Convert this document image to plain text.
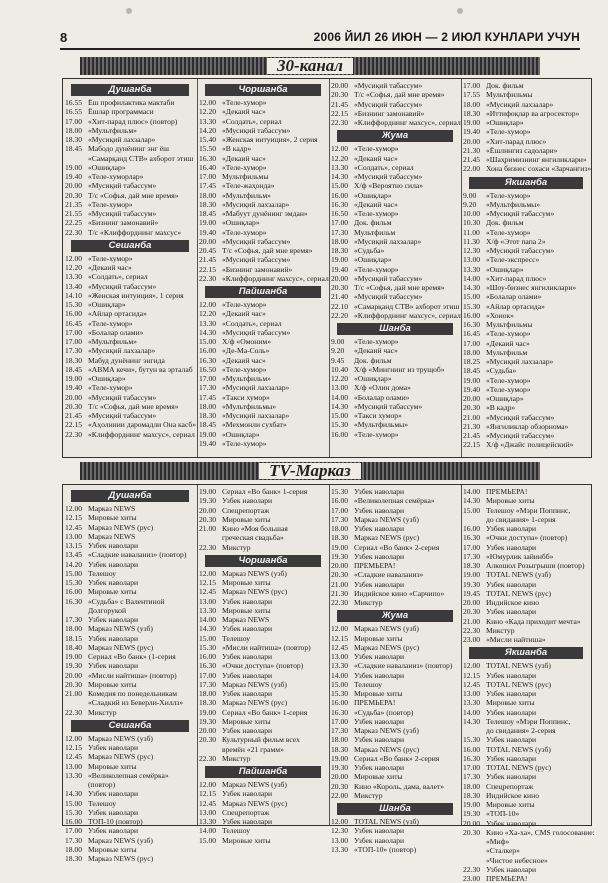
8	2006 ЙИЛ 26 ИЮН — 2 ИЮЛ КУНЛАРИ УЧУН
30-канал
Душанба
16.55 Ёш профилактика мактаби
16.55 Ёшлар программаси
17.00 «Хит-парад плюс» (повтор)
18.00 «Мультфильм»
18.30 «Мусиқий лахзалар»
18.45 Мабодо дунёнинг энг ёш
«Самарқанд СТВ» ахборот этиш
19.00 «Ошиқлар»
19.40 «Теле-хуморлар»
20.00 «Мусиқий табассум»
20.30 Т/с «Софья, дай мне время»
21.35 «Теле-хумор»
21.55 «Мусиқий табассум»
22.25 «Бизнинг замонавий»
22.30 Т/с «Клиффорднинг махсус»
Сешанба
12.00 «Теле-хумор»
12.20 «Декаий час»
13.30 «Солдать», сериал
13.40 «Мусиқий табассум»
14.10 «Женская интуиция», 1 серия
15.30 «Ошиқлар»
16.00 «Айлар ортасида»
16.45 «Теле-хумор»
17.00 «Болалар олами»
17.00 «Мультфильм»
17.30 «Мусиқий лахзалар»
18.30 Мабуд дунёнинг энгида
18.45 «АВМА кечи», бутун ва эрталаб
19.00 «Ошиқлар»
19.40 «Теле-хумор»
20.00 «Мусиқий табассум»
20.30 Т/с «Софья, дай мне время»
21.45 «Мусиқий табассум»
22.15 «Аҳолинии даромадли Она касб»
22.30 «Клиффорднинг махсус», сериал
Чоршанба
12.00 «Теле-хумор»
12.20 «Декаий час»
13.30 «Солдать», сериал
14.20 «Мусиқий табассум»
15.40 «Женская интуиция», 2 серия
15.50 «В кадр»
16.30 «Декаий час»
16.40 «Теле-хумор»
17.00 Мультфильмы
17.45 «Теле-жаҳонда»
18.00 «Мультфильм»
18.30 «Мусиқий лахзалар»
18.45 «Мабуут дунёнинг эмдан»
19.00 «Ошиқлар»
19.40 «Теле-хумор»
20.00 «Мусиқий табассум»
20.45 Т/с «Софья, дай мне время»
21.45 «Мусиқий табассум»
22.15 «Бизнинг замонавий»
22.30 «Клиффорднинг махсус», сериал
Пайшанба
12.00 «Теле-хумор»
12.20 «Декаий час»
13.30 «Солдать», сериал
14.30 «Мусиқий табассум»
15.00 Х/ф «Омоним»
16.00 «Де-Ма-Соль»
16.30 «Декаий час»
16.50 «Теле-хумор»
17.00 «Мультфильм»
17.30 «Мусиқий лахзалар»
17.45 «Такси хумор»
18.00 «Мультфильмы»
18.30 «Мусиқий лахзалар»
18.45 «Мехмонли сухбат»
19.00 «Ошиқлар»
19.40 «Теле-хумор»
20.00 «Мусиқий табассум»
20.30 Т/с «Софья, дай мне время»
21.45 «Мусиқий табассум»
22.15 «Бизнинг замонавий»
22.30 «Клиффорднинг махсус», сериал
Жума
12.00 «Теле-хумор»
12.20 «Декаий час»
13.30 «Солдать», сериал
14.30 «Мусиқий табассум»
15.00 Х/ф «Вероятно сила»
16.00 «Ошиқлар»
16.30 «Декаий час»
16.50 «Теле-хумор»
17.00 Док. фильм
17.30 Мультфильм
18.00 «Мусиқий лахзалар»
18.30 «Судьба»
19.00 «Ошиқлар»
19.40 «Теле-хумор»
20.00 «Мусиқий табассум»
20.30 Т/с «Софья, дай мне время»
21.40 «Мусиқий табассум»
22.10 «Самарқанд СТВ» ахборот этиш
22.20 «Клиффорднинг махсус», сериал
Шанба
9.00 «Теле-хумор»
9.20 «Декаий час»
9.45 Док. фильм
10.40 Х/ф «Мингнинг из трущоб»
12.20 «Ошиқлар»
13.00 Х/ф «Олин дома»
14.00 «Болалар олами»
14.30 «Мусиқий табассум»
15.00 «Такси хумор»
15.30 «Мультфильмы»
16.00 «Теле-хумор»
17.00 Док. фильм
17.55 Мультфильмы
18.00 «Мусиқий лахзалар»
18.30 «Иттифоқлар ва агросектор»
19.00 «Ошиқлар»
19.40 «Теле-хумор»
20.00 «Хит-парад плюс»
21.30 «Ёшлингиз садолари»
21.45 «Шаҳримизнинг янгиликлари»
22.00 Хона бизнес сохаси «Зарчангиз»
Якшанба
9.00 «Теле-хумор»
9.20 «Мультфильмы»
10.00 «Мусиқий табассум»
10.30 Док. фильм
11.00 «Теле-хумор»
11.30 Х/ф «Этот папа 2»
12.30 «Мусиқий табассум»
13.00 «Теле-экспресс»
13.30 «Ошиқлар»
14.00 «Хит-парад плюс»
14.30 «Шоу-бизнес янгиликлари»
15.00 «Болалар олами»
15.30 «Айлар ортасида»
16.00 «Хонок»
16.30 Мультфильмы
16.45 «Теле-хумор»
17.00 «Декаий час»
18.00 Мультфильм
18.25 «Мусиқий лахзалар»
18.45 «Судьба»
19.00 «Теле-хумор»
19.40 «Теле-хумор»
20.00 «Ошиқлар»
20.30 «В кадр»
21.00 «Мусиқий табассум»
21.30 «Янгиликлар обзорнома»
21.45 «Мусиқий табассум»
22.15 Х/ф «Джайс полицейский»
TV-Марказ
Душанба
12.00 Марказ NEWS
12.15 Мировые хиты
12.45 Марказ NEWS (рус)
13.00 Марказ NEWS
13.15 Узбек наволари
13.45 «Сладкие наваланиз» (повтор)
14.20 Узбек наволари
15.00 Телешоу
15.30 Узбек наволари
16.00 Мировые хиты
16.30 «Судьба» с Валентиной
Долгорукой
17.30 Узбек наволари
18.00 Марказ NEWS (узб)
18.15 Узбек наволари
18.40 Марказ NEWS (рус)
19.00 Сериал «Во банк» (1-серия
19.30 Узбек наволари
20.00 «Мисли найтиша» (повтор)
20.30 Мировые хиты
21.00 Комедия по понедельникам
«Сладкий из Беверли-Хиллз»
22.30 Микстур
Сешанба
12.00 Марказ NEWS (узб)
12.15 Узбек наволари
12.45 Марказ NEWS (рус)
13.00 Мировые хиты
13.30 «Великолепная семёрка»
(повтор)
14.30 Узбек наволари
15.00 Телешоу
15.30 Узбек наволари
16.00 ТОП-10 (повтор)
17.00 Узбек наволари
17.30 Марказ NEWS (узб)
18.00 Мировые хиты
18.30 Марказ NEWS (рус)
19.00 Сериал «Во банк» 1-серия
19.30 Узбек наволари
20.00 Спецрепортаж
20.30 Мировые хиты
21.00 Кино «Моя большая
греческая свадьба»
22.30 Микстур
Чоршанба
12.00 Марказ NEWS (узб)
12.15 Мировые хиты
12.45 Марказ NEWS (рус)
13.00 Узбек наволари
13.30 Мировые хиты
14.00 Марказ NEWS
14.30 Узбек наволари
15.00 Телешоу
15.30 «Мисли найтиша» (повтор)
16.00 Узбек наволари
16.30 «Очки доступа» (повтор)
17.00 Узбек наволари
17.30 Марказ NEWS (узб)
18.00 Узбек наволари
18.30 Марказ NEWS (рус)
19.00 Сериал «Во банк» 1-серия
19.30 Мировые хиты
20.00 Узбек наволари
20.30 Культурный фильм всех
времён «21 грамм»
22.30 Микстур
Пайшанба
12.00 Марказ NEWS (узб)
12.15 Узбек наволари
12.45 Марказ NEWS (рус)
13.00 Спецрепортаж
13.30 Узбек наволари
14.00 Телешоу
15.00 Мировые хиты
15.30 Узбек наволари
16.00 «Великолепная семёрка»
17.00 Узбек наволари
17.30 Марказ NEWS (узб)
18.00 Узбек наволари
18.30 Марказ NEWS (рус)
19.00 Сериал «Во банк» 2-серия
19.30 Узбек наволари
20.00 ПРЕМЬЕРА!
20.30 «Сладкие наваланиз»
21.00 Узбек наволари
21.30 Индийское кино «Сарчипо»
22.30 Микстур
Жума
12.00 Марказ NEWS (узб)
12.15 Мировые хиты
12.45 Марказ NEWS (рус)
13.00 Узбек наволари
13.30 «Сладкие наваланиз» (повтор)
14.00 Узбек наволари
15.00 Телешоу
15.30 Мировые хиты
16.00 ПРЕМЬЕРА!
16.30 «Судьба» (повтор)
17.00 Узбек наволари
17.30 Марказ NEWS (узб)
18.00 Узбек наволари
18.30 Марказ NEWS (рус)
19.00 Сериал «Во банк» 2-серия
19.30 Узбек наволари
20.00 Мировые хиты
20.30 Кино «Король, дама, валет»
22.00 Микстур
Шанба
12.00 TOTAL NEWS (узб)
12.30 Узбек наволари
13.00 Узбек наволари
13.30 «ТОП-10» (повтор)
14.00 ПРЕМЬЕРА!
14.30 Мировые хиты
15.00 Телешоу «Мэри Поппинс,
до свидания» 1-серия
16.00 Узбек наволари
16.30 «Очки доступа» (повтор)
17.00 Узбек наволари
17.30 «Юмурлик зайинбб»
18.30 Алкошол Розыгрыши (повтор)
19.00 TOTAL NEWS (узб)
19.30 Узбек наволари
19.45 TOTAL NEWS (рус)
20.00 Индийское кино
20.30 Узбек наволари
21.00 Кино «Када приходит мечта»
22.30 Микстур
23.00 «Мисли найтиша»
Якшанба
12.00 TOTAL NEWS (узб)
12.15 Узбек наволари
12.45 TOTAL NEWS (рус)
13.00 Узбек наволари
13.30 Мировые хиты
14.00 Узбек наволари
14.30 Телешоу «Мэри Поппинс,
до свидания» 2-серия
15.30 Узбек наволари
16.00 TOTAL NEWS (узб)
16.30 Узбек наволари
17.00 TOTAL NEWS (рус)
17.30 Узбек наволари
18.00 Спецрепортаж
18.30 Индийское кино
19.00 Мировые хиты
19.30 «ТОП-10»
20.00 Узбек наволари
20.30 Кино «Ха-ха», СМS голосование:
«Миф»
«Сталкер»
«Чистое небесное»
22.30 Узбек наволари
23.00 ПРЕМЬЕРА!
